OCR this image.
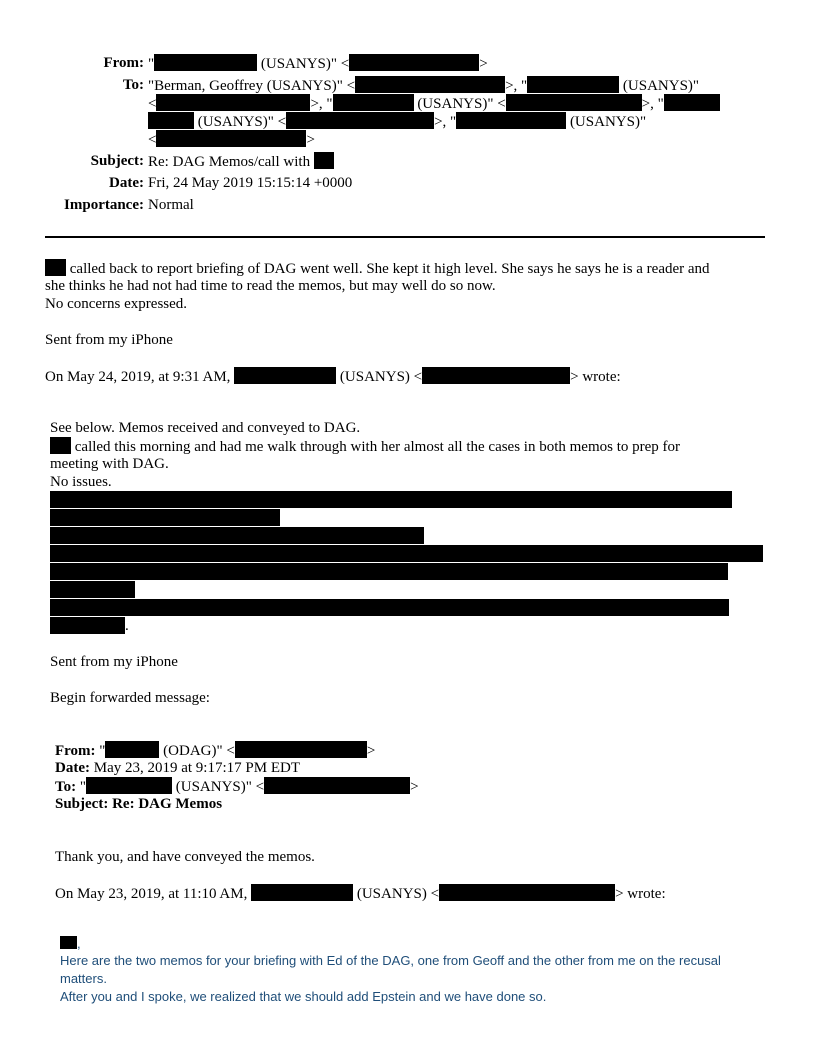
From: "	(USANYS)" <	>
To: "Berman, Geoffrey (USANYS)" <	>, "	(USANYS)"
<	>, "	(USANYS)" <	>, "
(USANYS)" <	>, "	(USANYS)"
<	>
Subject: Re: DAG Memos/call with
Date: Fri, 24 May 2019 15:15:14 +0000
Importance: Normal
called back to report briefing of DAG went well. She kept it high level. She says he says he is a reader and
she thinks he had not had time to read the memos, but may well do so now.
No concerns expressed.
Sent from my iPhone
On May 24, 2019, at 9:31 AM,	(USANYS) <	> wrote:
See below. Memos received and conveyed to DAG.
called this morning and had me walk through with her almost all the cases in both memos to prep for
meeting with DAG.
No issues.
.
Sent from my iPhone
Begin forwarded message:
From: "	(ODAG)" <	>
Date: May 23, 2019 at 9:17:17 PM EDT
To: "	(USANYS)" <	>
Subject: Re: DAG Memos
Thank you, and have conveyed the memos.
On May 23, 2019, at 11:10 AM,	(USANYS) <	> wrote:
,
Here are the two memos for your briefing with Ed of the DAG, one from Geoff and the other from me on the recusal
matters.
After you and I spoke, we realized that we should add Epstein and we have done so.
